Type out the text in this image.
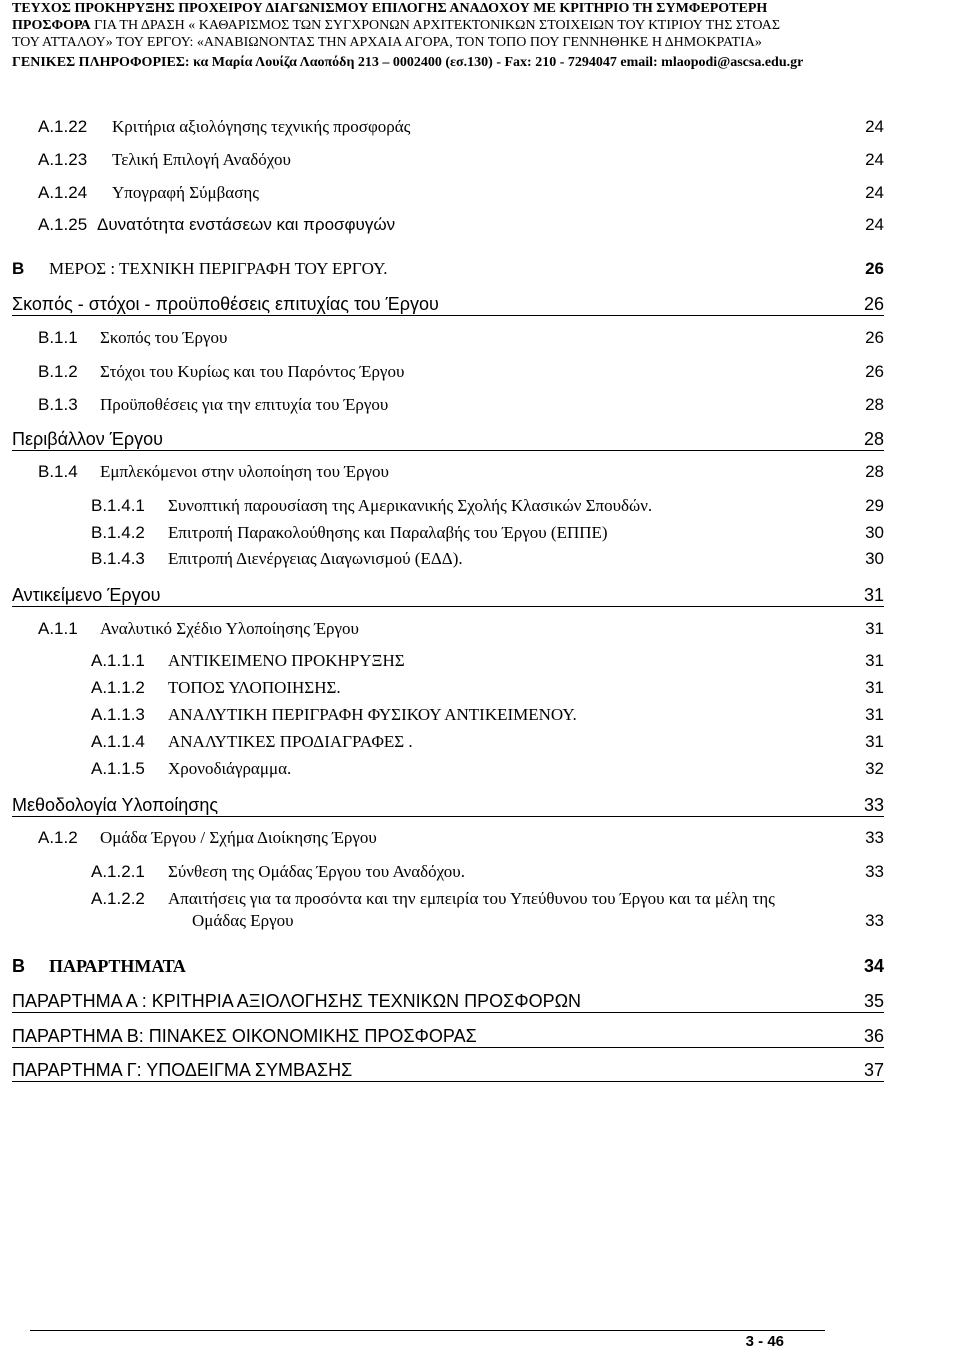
ΤΕΥΧΟΣ ΠΡΟΚΗΡΥΞΗΣ ΠΡΟΧΕΙΡΟΥ ΔΙΑΓΩΝΙΣΜΟΥ ΕΠΙΛΟΓΗΣ ΑΝΑΔΟΧΟΥ ΜΕ ΚΡΙΤΗΡΙΟ ΤΗ ΣΥΜΦΕΡΟΤΕΡΗ
ΠΡΟΣΦΟΡΑ ΓΙΑ ΤΗ ΔΡΑΣΗ « ΚΑΘΑΡΙΣΜΟΣ ΤΩΝ ΣΥΓΧΡΟΝΩΝ ΑΡΧΙΤΕΚΤΟΝΙΚΩΝ ΣΤΟΙΧΕΙΩΝ ΤΟΥ ΚΤΙΡΙΟΥ ΤΗΣ ΣΤΟΑΣ
ΤΟΥ ΑΤΤΑΛΟΥ» ΤΟΥ ΕΡΓΟΥ: «ΑΝΑΒΙΩΝΟΝΤΑΣ ΤΗΝ ΑΡΧΑΙΑ ΑΓΟΡΑ, ΤΟΝ ΤΟΠΟ ΠΟΥ ΓΕΝΝΗΘΗΚΕ Η ΔΗΜΟΚΡΑΤΙΑ»
ΓΕΝΙΚΕΣ ΠΛΗΡΟΦΟΡΙΕΣ: κα Μαρία Λουίζα Λαοπόδη 213 – 0002400 (εσ.130) - Fax: 210 - 7294047 email: mlaopodi@ascsa.edu.gr
Α.1.22 Κριτήρια αξιολόγησης τεχνικής προσφοράς	24
Α.1.23 Τελική Επιλογή Αναδόχου	24
Α.1.24 Υπογραφή Σύμβασης	24
Α.1.25 Δυνατότητα ενστάσεων και προσφυγών	24
Β ΜΕΡΟΣ : ΤΕΧΝΙΚΗ ΠΕΡΙΓΡΑΦΗ ΤΟΥ ΕΡΓΟΥ.	26
Σκοπός - στόχοι - προϋποθέσεις επιτυχίας του Έργου	26
Β.1.1 Σκοπός του Έργου	26
Β.1.2 Στόχοι του Κυρίως και του Παρόντος Έργου	26
Β.1.3 Προϋποθέσεις για την επιτυχία του Έργου	28
Περιβάλλον Έργου	28
Β.1.4 Εμπλεκόμενοι στην υλοποίηση του Έργου	28
Β.1.4.1 Συνοπτική παρουσίαση της Αμερικανικής Σχολής Κλασικών Σπουδών.	29
Β.1.4.2 Επιτροπή Παρακολούθησης και Παραλαβής του Έργου (ΕΠΠΕ)	30
Β.1.4.3 Επιτροπή Διενέργειας Διαγωνισμού (ΕΔΔ).	30
Αντικείμενο Έργου	31
Α.1.1 Αναλυτικό Σχέδιο Υλοποίησης Έργου	31
Α.1.1.1 ΑΝΤΙΚΕΙΜΕΝΟ ΠΡΟΚΗΡΥΞΗΣ	31
Α.1.1.2 ΤΟΠΟΣ ΥΛΟΠΟΙΗΣΗΣ.	31
Α.1.1.3 ΑΝΑΛΥΤΙΚΗ ΠΕΡΙΓΡΑΦΗ ΦΥΣΙΚΟΥ ΑΝΤΙΚΕΙΜΕΝΟΥ.	31
Α.1.1.4 ΑΝΑΛΥΤΙΚΕΣ ΠΡΟΔΙΑΓΡΑΦΕΣ .	31
Α.1.1.5 Χρονοδιάγραμμα.	32
Μεθοδολογία Υλοποίησης	33
Α.1.2 Ομάδα Έργου / Σχήμα Διοίκησης Έργου	33
Α.1.2.1 Σύνθεση της Ομάδας Έργου του Αναδόχου.	33
Α.1.2.2 Απαιτήσεις για τα προσόντα και την εμπειρία του Υπεύθυνου του Έργου και τα μέλη της
Ομάδας Εργου	33
Β ΠΑΡΑΡΤΗΜΑΤΑ	34
ΠΑΡΑΡΤΗΜΑ Α : ΚΡΙΤΗΡΙΑ ΑΞΙΟΛΟΓΗΣΗΣ ΤΕΧΝΙΚΩΝ ΠΡΟΣΦΟΡΩΝ	35
ΠΑΡΑΡΤΗΜΑ Β: ΠΙΝΑΚΕΣ ΟΙΚΟΝΟΜΙΚΗΣ ΠΡΟΣΦΟΡΑΣ	36
ΠΑΡΑΡΤΗΜΑ Γ: ΥΠΟΔΕΙΓΜΑ ΣΥΜΒΑΣΗΣ	37
3 - 46
